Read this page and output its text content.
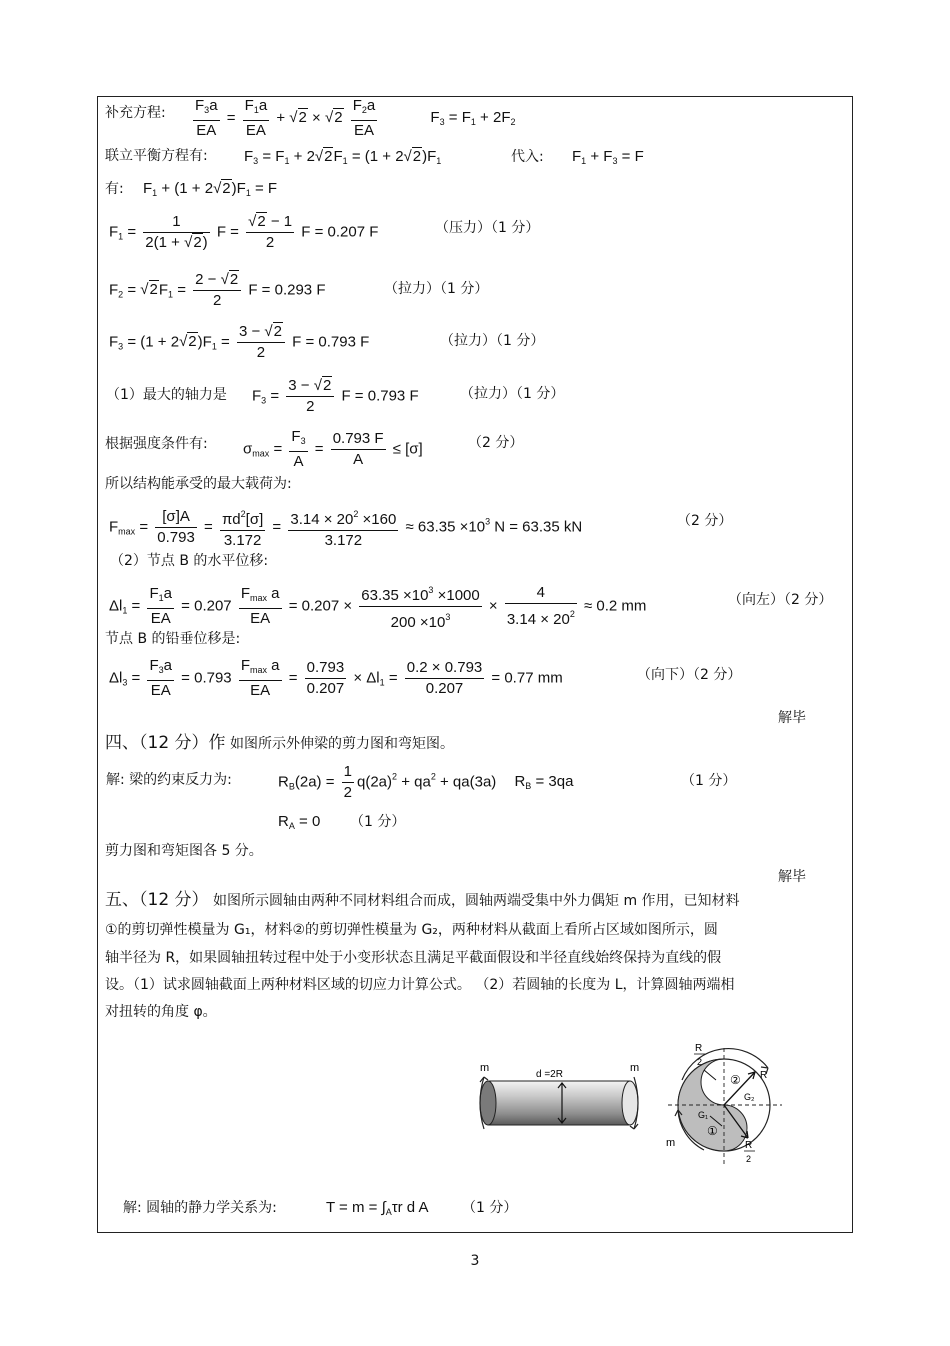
补充方程: $\frac{F_3a}{EA} = \frac{F_1a}{EA} + √2 \times √2 \frac{F_2a}{EA}$	$F_3 = F_1 + 2F_2$
联立平衡方程有: $F_3 = F_1 + 2√2F_1 = (1 + 2√2)F_1$	代入: $F_1 + F_3 = F$
有: $F_1 + (1 + 2√2)F_1 = F$
$F_1 = \frac{1}{2(1 + √2)}$ $F = \frac{√2 - 1}{2}$ F = 0.207 F	（压力）（1 分）
$F_2 = √2F_1 = \frac{2 - √2}{2}$ F = 0.293 F	（拉力）（1 分）
$F_3 = (1 + 2√2)F_1 = \frac{3 - √2}{2}$ F = 0.793 F	（拉力）（1 分）
（1）最大的轴力是 $F_3 = \frac{3 - √2}{2}$ F = 0.793 F	（拉力）（1 分）
根据强度条件有: $\sigma_{max} = \frac{F_3}{A} = \frac{0.793 F}{A} \le [\sigma]$	（2 分）
所以结构能承受的最大载荷为:
$F_{max} = \frac{[\sigma]A}{0.793} = \frac{\pi d^2[\sigma]}{3.172} = \frac{3.14 \times 20^2 \times 160}{3.172} \approx 63.35 \times 10^3$ N = 63.35 kN	（2 分）
（2）节点 B 的水平位移:
$\Delta l_1 = \frac{F_1a}{EA} = 0.207$
$F_{max}$ a
EA
= $0.207 \times \frac{63.35 \times 10^3 \times 1000}{200 \times 10^3} \times \frac{4}{3.14 \times 20^2} \approx 0.2$ mm	（向左）（2 分）
节点 B 的铅垂位移是:
$\Delta l_3 = \frac{F_3a}{EA} = 0.793$
$F_{max}$ a
EA
= $\frac{0.793}{0.207} \times \Delta l_1 = \frac{0.2 \times 0.793}{0.207} = 0.77$ mm	（向下）（2 分）
解毕
四、（12 分）作 如图所示外伸梁的剪力图和弯矩图。
解: 梁的约束反力为:	$R_B(2a) = \frac{1}{2} q(2a)^2 + qa^2 + qa(3a) R_B = 3qa$	（1 分）
$R_A = 0$ （1 分）
剪力图和弯矩图各 5 分。
解毕
五、（12 分） 如图所示圆轴由两种不同材料组合而成，圆轴两端受集中外力偶矩 m 作用，已知材料
①的剪切弹性模量为 G₁，材料②的剪切弹性模量为 G₂，两种材料从截面上看所占区域如图所示，圆
轴半径为 R，如果圆轴扭转过程中处于小变形状态且满足平截面假设和半径直线始终保持为直线的假
设。（1）试求圆轴截面上两种材料区域的切应力计算公式。 （2）若圆轴的长度为 L，计算圆轴两端相
对扭转的角度 φ。
m	m
d =2R
R
2
R
②
G₂
G₁
①
m	R
2
解: 圆轴的静力学关系为:	$T = m = \int_A\tau r$ d A （1 分）
3
